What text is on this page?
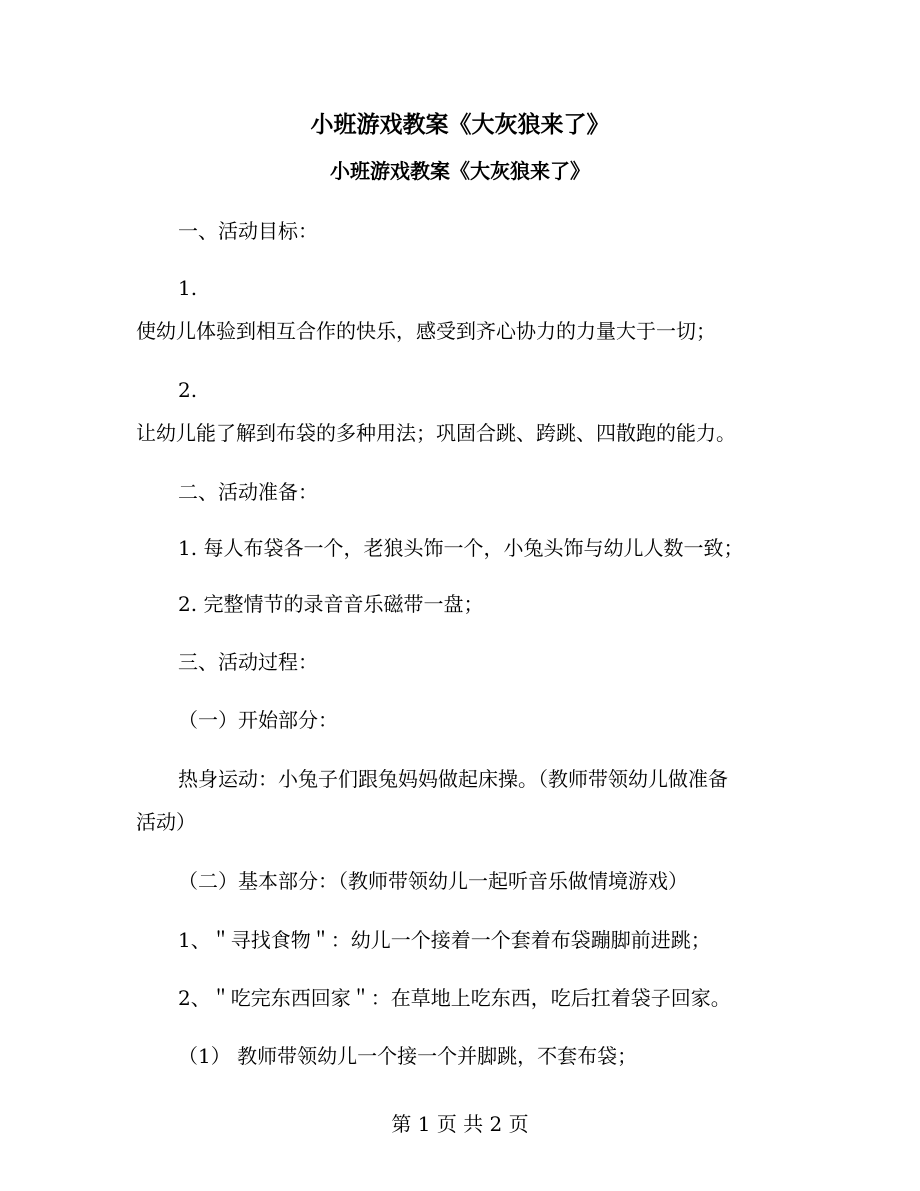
小班游戏教案《大灰狼来了》
小班游戏教案《大灰狼来了》
一、活动目标：
1.
使幼儿体验到相互合作的快乐，感受到齐心协力的力量大于一切；
2.
让幼儿能了解到布袋的多种用法；巩固合跳、跨跳、四散跑的能力。
二、活动准备：
1. 每人布袋各一个，老狼头饰一个，小兔头饰与幼儿人数一致；
2. 完整情节的录音音乐磁带一盘；
三、活动过程：
（一）开始部分：
热身运动：小兔子们跟兔妈妈做起床操。（教师带领幼儿做准备
活动）
（二）基本部分：（教师带领幼儿一起听音乐做情境游戏）
1、＂寻找食物＂：幼儿一个接着一个套着布袋蹦脚前进跳；
2、＂吃完东西回家＂：在草地上吃东西，吃后扛着袋子回家。
（1） 教师带领幼儿一个接一个并脚跳，不套布袋；
第 1 页 共 2 页
